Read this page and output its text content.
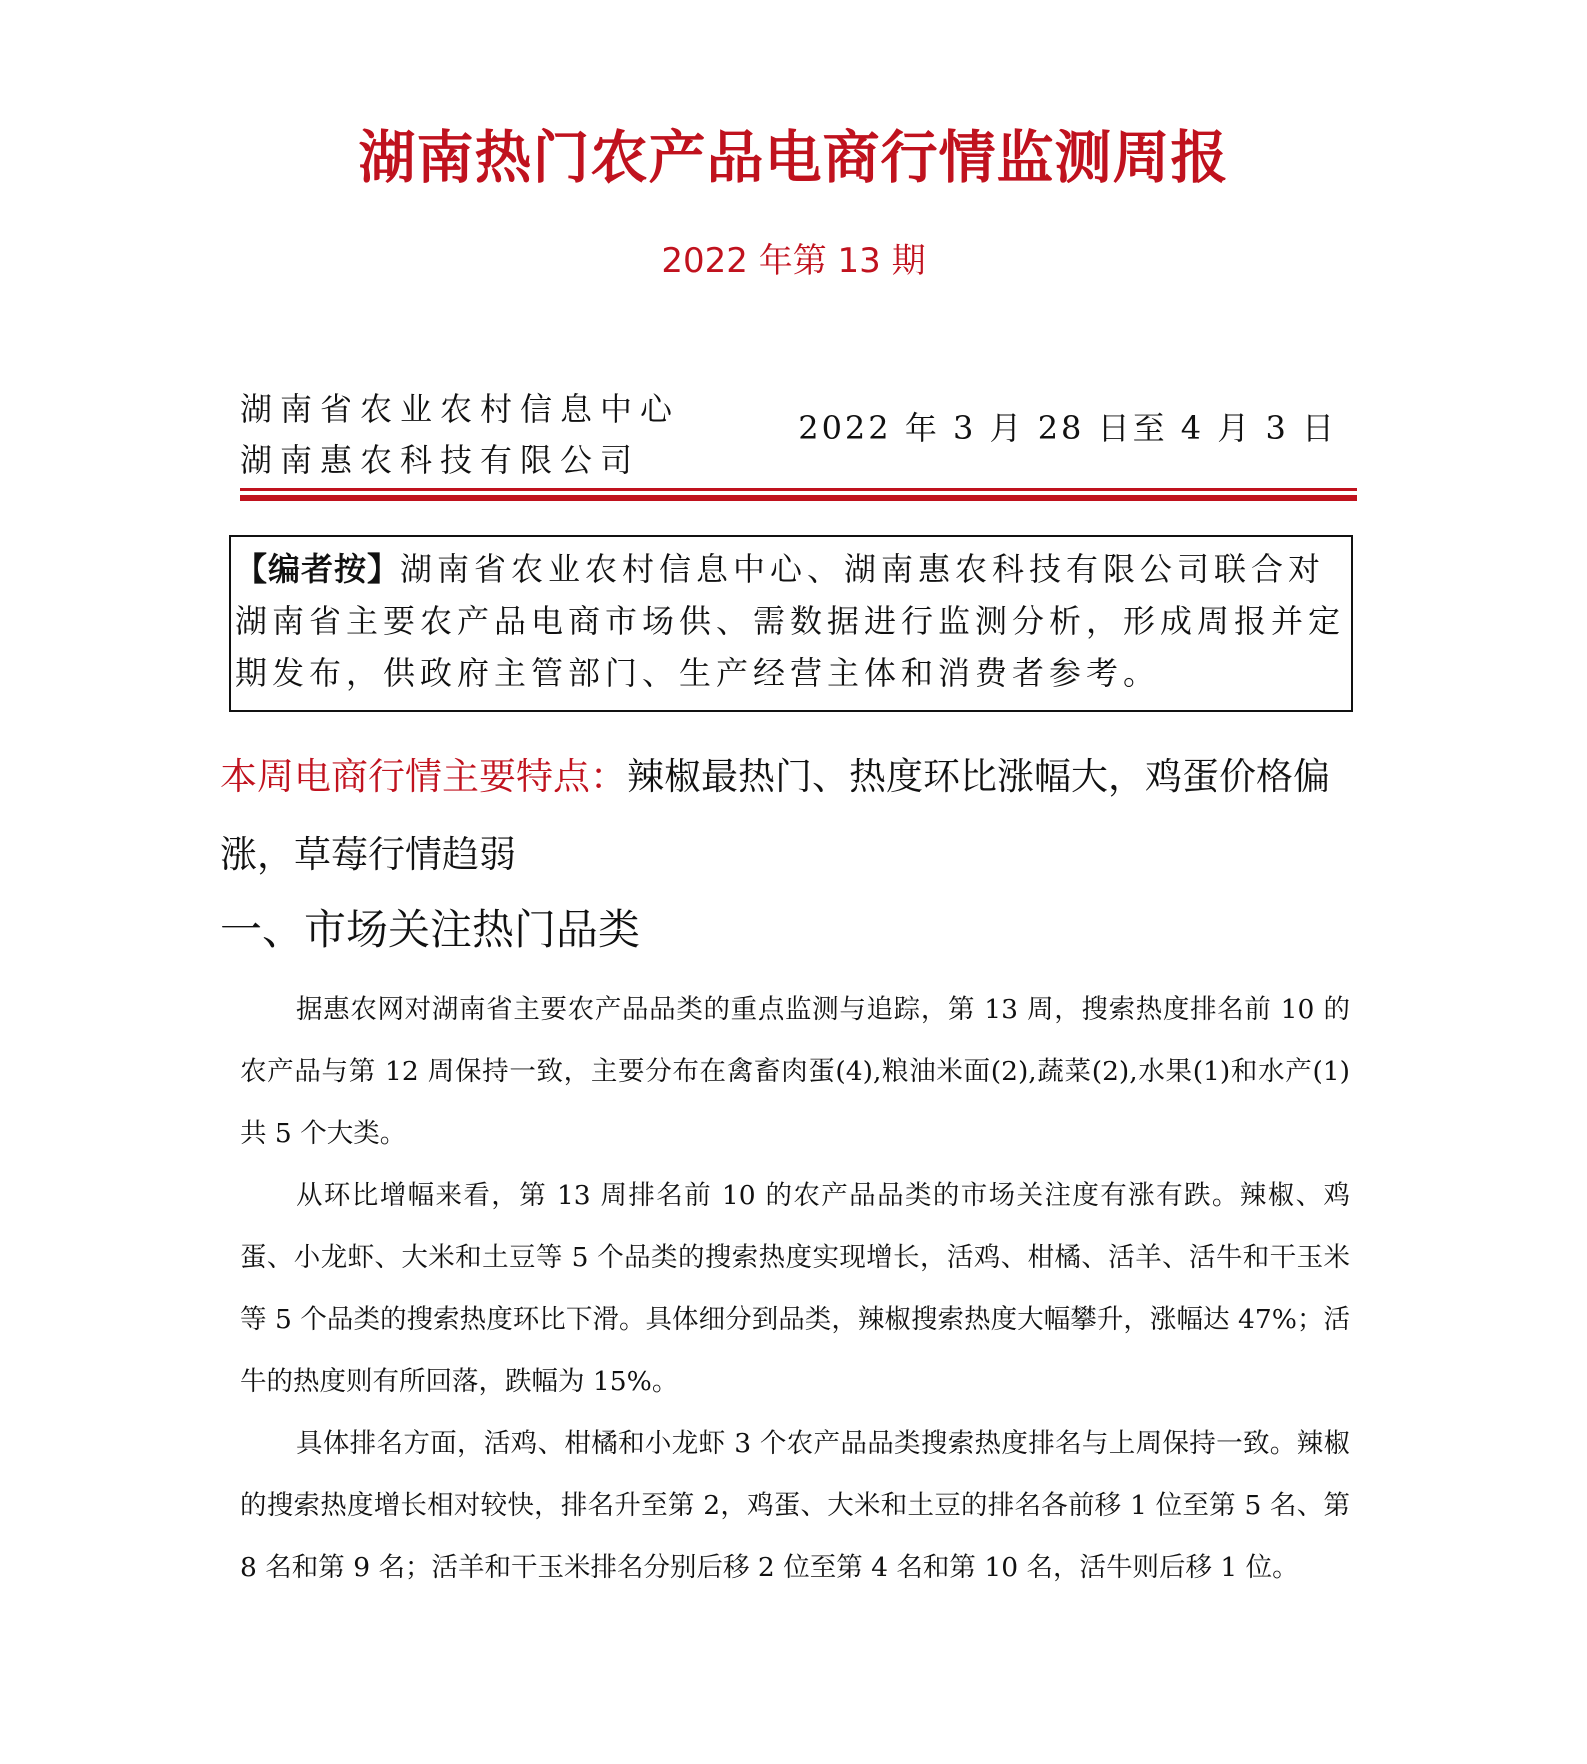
湖南热门农产品电商行情监测周报
2022 年第 13 期
湖南省农业农村信息中心
湖南惠农科技有限公司
2022 年 3 月 28 日至 4 月 3 日
【编者按】湖南省农业农村信息中心、湖南惠农科技有限公司联合对湖南省主要农产品电商市场供、需数据进行监测分析，形成周报并定期发布，供政府主管部门、生产经营主体和消费者参考。
本周电商行情主要特点：辣椒最热门、热度环比涨幅大，鸡蛋价格偏涨，草莓行情趋弱
一、市场关注热门品类

据惠农网对湖南省主要农产品品类的重点监测与追踪，第 13 周，搜索热度排名前 10 的农产品与第 12 周保持一致，主要分布在禽畜肉蛋(4),粮油米面(2),蔬菜(2),水果(1)和水产(1)共 5 个大类。

从环比增幅来看，第 13 周排名前 10 的农产品品类的市场关注度有涨有跌。辣椒、鸡蛋、小龙虾、大米和土豆等 5 个品类的搜索热度实现增长，活鸡、柑橘、活羊、活牛和干玉米等 5 个品类的搜索热度环比下滑。具体细分到品类，辣椒搜索热度大幅攀升，涨幅达 47%；活牛的热度则有所回落，跌幅为 15%。

具体排名方面，活鸡、柑橘和小龙虾 3 个农产品品类搜索热度排名与上周保持一致。辣椒的搜索热度增长相对较快，排名升至第 2，鸡蛋、大米和土豆的排名各前移 1 位至第 5 名、第 8 名和第 9 名；活羊和干玉米排名分别后移 2 位至第 4 名和第 10 名，活牛则后移 1 位。
